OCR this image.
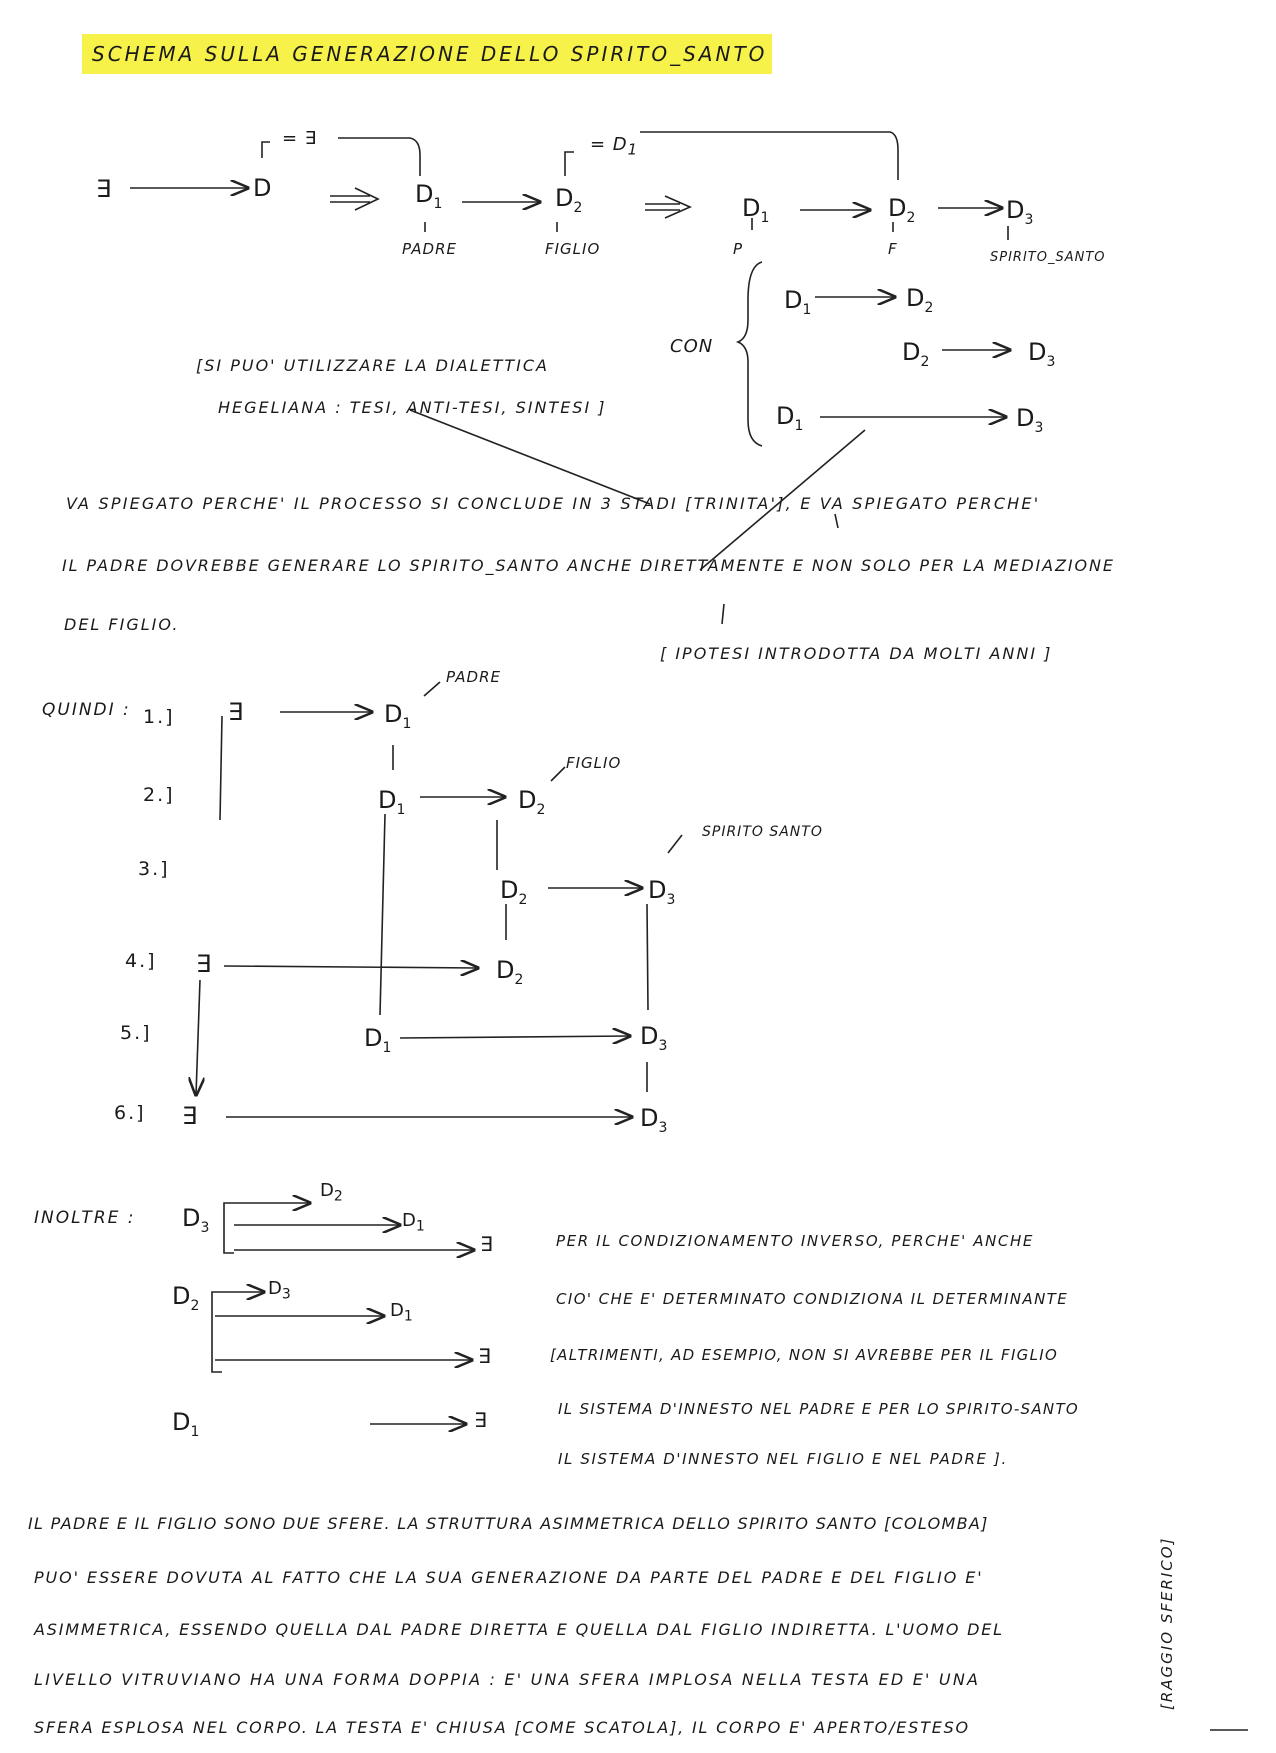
SCHEMA SULLA GENERAZIONE DELLO SPIRITO_SANTO
∃	D
= ∃
$D_1$	$D_2$
PADRE	FIGLIO
= $D_1$
$D_1$	$D_2$	$D_3$
P	F	SPIRITO_SANTO
CON
$D_1$	$D_2$
$D_2$	$D_3$
$D_1$	$D_3$
[SI PUO' UTILIZZARE LA DIALETTICA
HEGELIANA : TESI, ANTI-TESI, SINTESI ]
VA SPIEGATO PERCHE' IL PROCESSO SI CONCLUDE IN 3 STADI [TRINITA'], E VA SPIEGATO PERCHE'
IL PADRE DOVREBBE GENERARE LO SPIRITO_SANTO ANCHE DIRETTAMENTE E NON SOLO PER LA MEDIAZIONE
DEL FIGLIO.
[ IPOTESI INTRODOTTA DA MOLTI ANNI ]
QUINDI : 1.]
2.]
3.]
4.]
5.]
6.]
∃	$D_1$
PADRE
$D_1$	$D_2$
FIGLIO
SPIRITO SANTO
$D_2$	$D_3$
∃	$D_2$
$D_1$	$D_3$
∃	$D_3$
INOLTRE : $D_3$
$D_2$
$D_1$
∃
$D_2$
$D_3$
$D_1$
∃
$D_1$	∃
PER IL CONDIZIONAMENTO INVERSO, PERCHE' ANCHE
CIO' CHE E' DETERMINATO CONDIZIONA IL DETERMINANTE
[ALTRIMENTI, AD ESEMPIO, NON SI AVREBBE PER IL FIGLIO
IL SISTEMA D'INNESTO NEL PADRE E PER LO SPIRITO-SANTO
IL SISTEMA D'INNESTO NEL FIGLIO E NEL PADRE ].
IL PADRE E IL FIGLIO SONO DUE SFERE. LA STRUTTURA ASIMMETRICA DELLO SPIRITO SANTO [COLOMBA]
PUO' ESSERE DOVUTA AL FATTO CHE LA SUA GENERAZIONE DA PARTE DEL PADRE E DEL FIGLIO E'
ASIMMETRICA, ESSENDO QUELLA DAL PADRE DIRETTA E QUELLA DAL FIGLIO INDIRETTA. L'UOMO DEL
LIVELLO VITRUVIANO HA UNA FORMA DOPPIA : E' UNA SFERA IMPLOSA NELLA TESTA ED E' UNA
SFERA ESPLOSA NEL CORPO. LA TESTA E' CHIUSA [COME SCATOLA], IL CORPO E' APERTO/ESTESO
[RAGGIO SFERICO]
